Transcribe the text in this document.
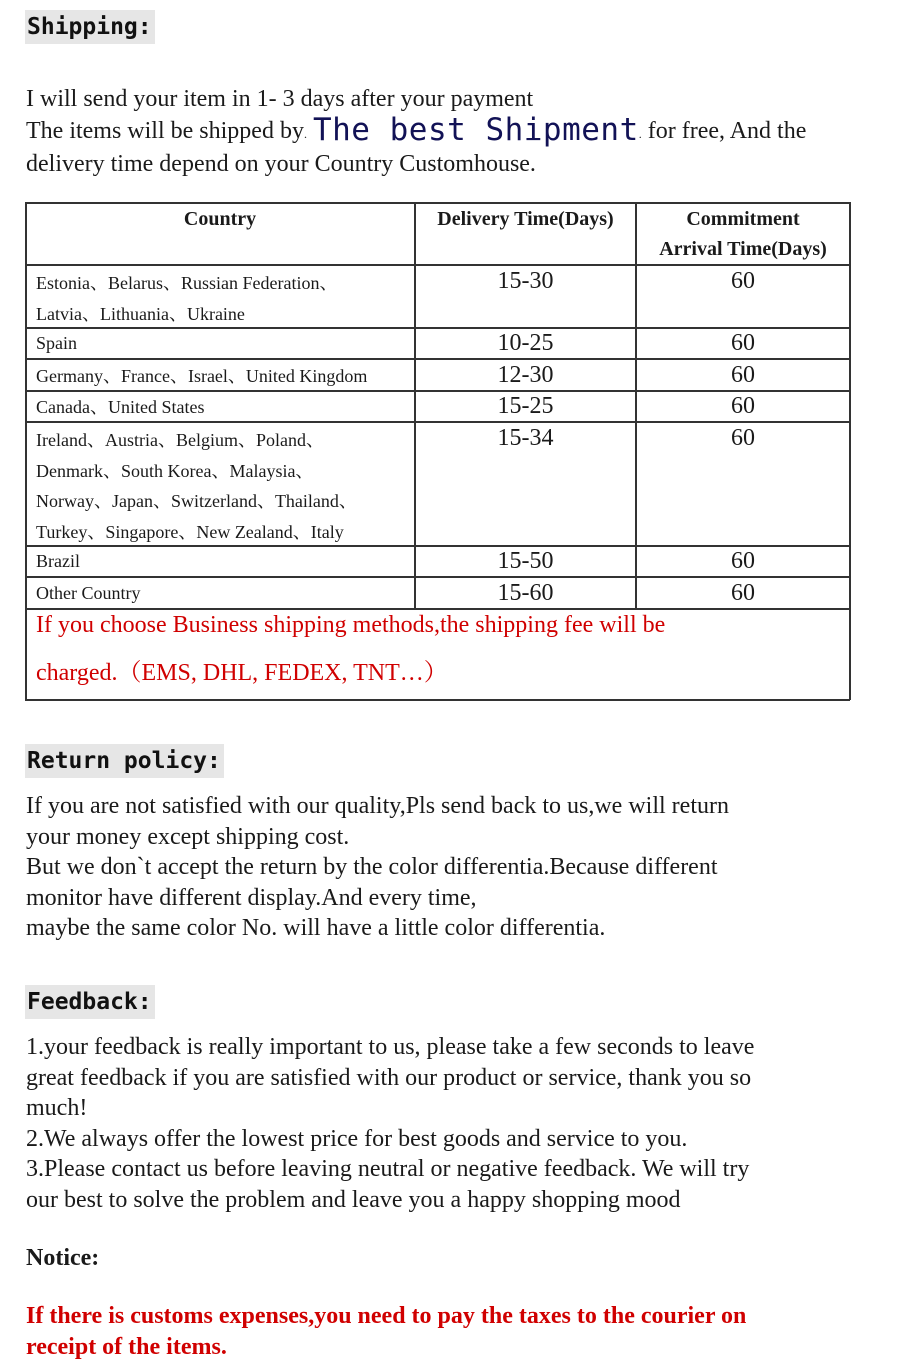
Shipping:
I will send your item in 1- 3 days after your payment
The items will be shipped by. The best Shipment. for free, And the
delivery time depend on your Country Customhouse.
Country	Delivery Time(Days)	Commitment
Arrival Time(Days)
Estonia、Belarus、Russian Federation、
Latvia、Lithuania、Ukraine
15-30	60
Spain	10-25	60
Germany、France、Israel、United Kingdom	12-30	60
Canada、United States	15-25	60
Ireland、Austria、Belgium、Poland、
Denmark、South Korea、Malaysia、
Norway、Japan、Switzerland、Thailand、
Turkey、Singapore、New Zealand、Italy
15-34	60
Brazil	15-50	60
Other Country	15-60	60
If you choose Business shipping methods,the shipping fee will be
charged.（EMS, DHL, FEDEX, TNT…）
Return policy:
If you are not satisfied with our quality,Pls send back to us,we will return
your money except shipping cost.
But we don`t accept the return by the color differentia.Because different
monitor have different display.And every time,
maybe the same color No. will have a little color differentia.
Feedback:
1.your feedback is really important to us, please take a few seconds to leave
great feedback if you are satisfied with our product or service, thank you so
much!
2.We always offer the lowest price for best goods and service to you.
3.Please contact us before leaving neutral or negative feedback. We will try
our best to solve the problem and leave you a happy shopping mood
Notice:
If there is customs expenses,you need to pay the taxes to the courier on
receipt of the items.
